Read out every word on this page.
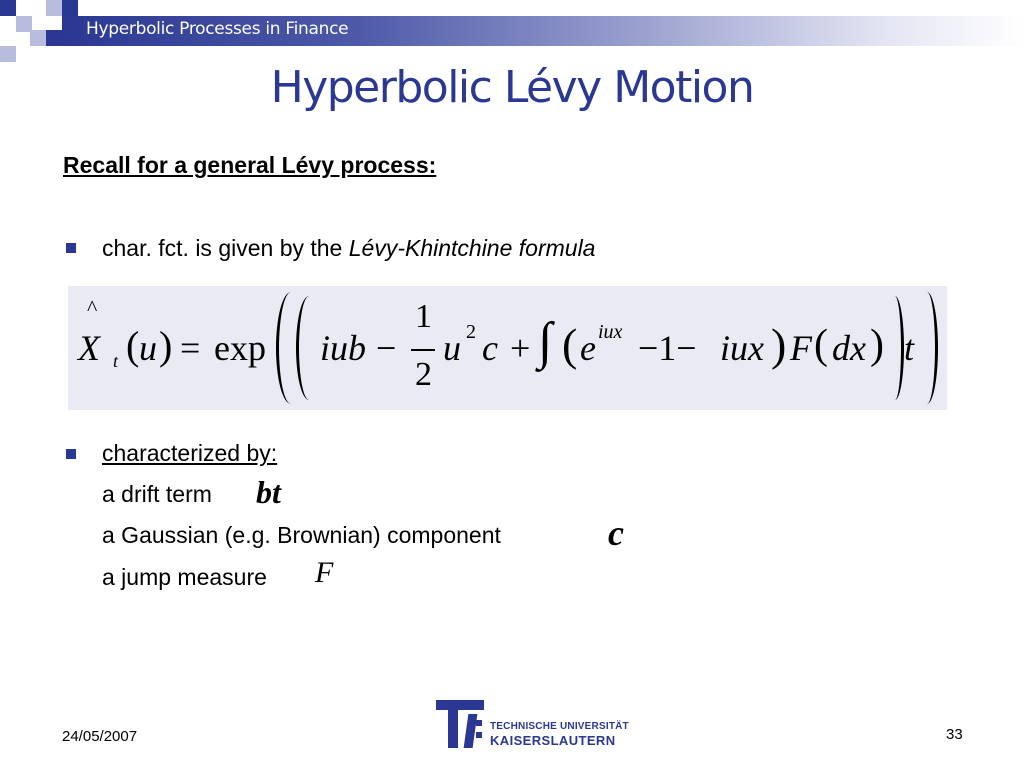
Hyperbolic Processes in Finance
Hyperbolic Lévy Motion
Recall for a general Lévy process:
char. fct. is given by the Lévy-Khintchine formula
^
X t ( u ) = exp iub −
1
2
u 2 c + ∫ ( e iux −1− iux ) F ( dx ) t
characterized by:
a drift term bt
a Gaussian (e.g. Brownian) component	c
a jump measure F
24/05/2007
TECHNISCHE UNIVERSITÄT
KAISERSLAUTERN	33
